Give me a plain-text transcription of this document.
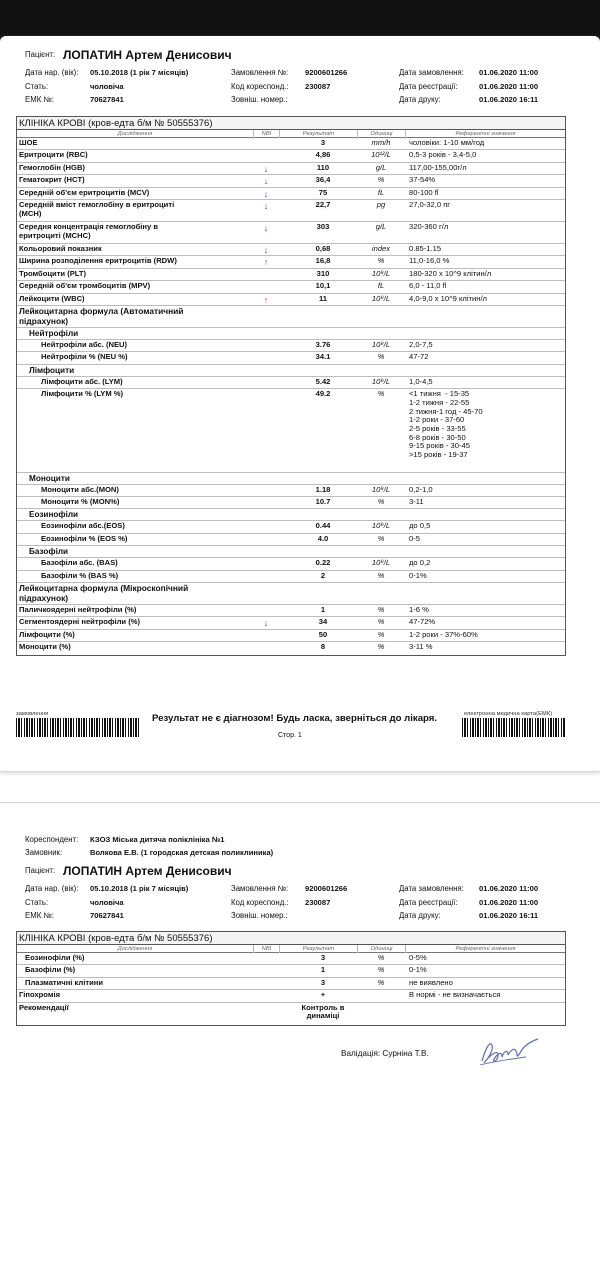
Пацієнт: ЛОПАТИН Артем Денисович
Дата нар. (вік): 05.10.2018 (1 рік 7 місяців)
Стать:	чоловіча
ЕМК №:	70627841
Замовлення №: 9200601266
Код кореспонд.: 230087
Зовніш. номер.:
Дата замовлення: 01.06.2020 11:00
Дата реєстрації:	01.06.2020 11:00
Дата друку:	01.06.2020 16:11
КЛІНІКА КРОВІ (кров-едта б/м № 50555376)
Дослідження	NBI	Результат	Одиниці	Референтні значення
ШОЕ	3	mm/h	чоловіки: 1-10 мм/год
Еритроцити (RBC)	4,86	10¹²/L	0,5-3 років - 3,4-5,0
Гемоглобін (HGB)	↓	110	g/L	117,00-155,00г/л
Гематокрит (HCT)	↓	36,4	%	37-54%
Середній об'єм еритроцитів (MCV)	↓	75	fL	80-100 fl
Середній вміст гемоглобіну в еритроциті
(MCH)
↓	22,7	pg	27,0-32,0 пг
Середня концентрація гемоглобіну в
еритроциті (MCHC)
↓	303	g/L	320-360 г/л
Кольоровий показник	↓	0,68	index	0.85-1.15
Ширина розподілення еритроцитів (RDW)	↑	16,8	%	11,0-16,0 %
Тромбоцити (PLT)	310	10⁹/L	180-320 x 10^9 клітин/л
Середній об'єм тромбоцитів (MPV)	10,1	fL	6,0 - 11,0 fl
Лейкоцити (WBC)	↑	11	10⁹/L	4,0-9,0 х 10^9 клітин/л
Лейкоцитарна формула (Автоматичний
підрахунок)
Нейтрофіли
Нейтрофіли абс. (NEU)	3.76	10⁹/L	2,0-7,5
Нейтрофіли % (NEU %)	34.1	%	47-72
Лімфоцити
Лімфоцити абс. (LYM)	5.42	10⁹/L	1,0-4,5
Лімфоцити % (LYM %)	49.2	%	<1 тижня  - 15-35
1-2 тижня - 22-55
2 тижня-1 год - 45-70
1-2 роки - 37-60
2-5 років - 33-55
6-8 років - 30-50
9-15 років - 30-45
>15 років - 19-37
Моноцити
Моноцити абс.(MON)	1.18	10⁹/L	0,2-1,0
Моноцити % (MON%)	10.7	%	3-11
Еозинофіли
Еозинофіли абс.(EOS)	0.44	10⁹/L	до 0,5
Еозинофіли % (EOS %)	4.0	%	0-5
Базофіли
Базофіли абс. (BAS)	0.22	10⁹/L	до 0,2
Базофіли % (BAS %)	2	%	0-1%
Лейкоцитарна формула (Мікроскопічний
підрахунок)
Паличкоядерні нейтрофіли (%)	1	%	1-6 %
Сегментоядерні нейтрофіли (%)	↓	34	%	47-72%
Лімфоцити (%)	50	%	1-2 роки - 37%-60%
Моноцити (%)	8	%	3-11 %
замовлення	Результат не є діагнозом! Будь ласка, зверніться до лікаря.
Стор. 1
електронна медична карта(ЕМК)
Кореспондент: КЗОЗ Міська дитяча поліклініка №1
Замовник:	Волкова Е.В. (1 городская детская поликлиника)
Пацієнт: ЛОПАТИН Артем Денисович
Дата нар. (вік): 05.10.2018 (1 рік 7 місяців)
Стать:	чоловіча
ЕМК №:	70627841
Замовлення №: 9200601266
Код кореспонд.: 230087
Зовніш. номер.:
Дата замовлення: 01.06.2020 11:00
Дата реєстрації:	01.06.2020 11:00
Дата друку:	01.06.2020 16:11
КЛІНІКА КРОВІ (кров-едта б/м № 50555376)
Дослідження	NBI	Результат	Одиниці	Референтні значення
Еозинофіли (%)	3	%	0-5%
Базофіли (%)	1	%	0-1%
Плазматичні клітини	3	%	не виявлено
Гіпохромія	+	В нормі - не визначається
Рекомендації	Контроль в
динаміці
Валідація: Сурніна Т.В.
